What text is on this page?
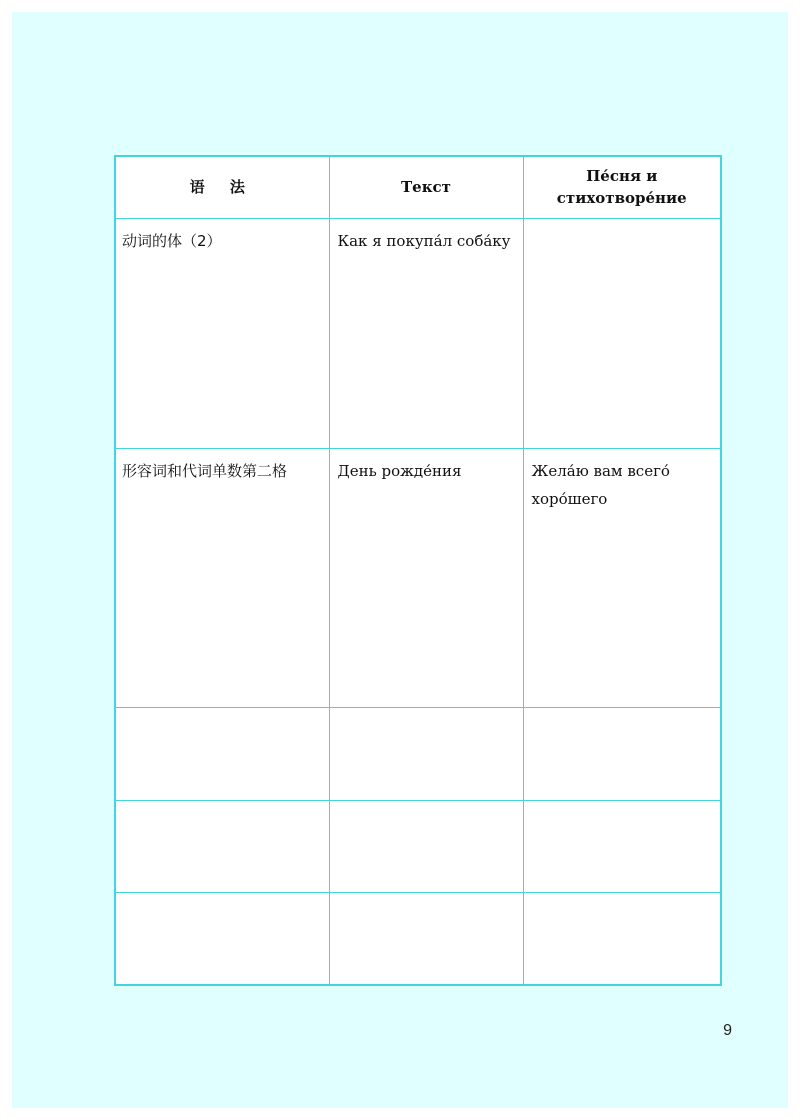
9
语 法	Текст	Пе́сня и
стихотворе́ние

动词的体（2）	Как я покупа́л соба́ку	

形容词和代词单数第二格	День рожде́ния	Жела́ю вам всего́
хоро́шего
